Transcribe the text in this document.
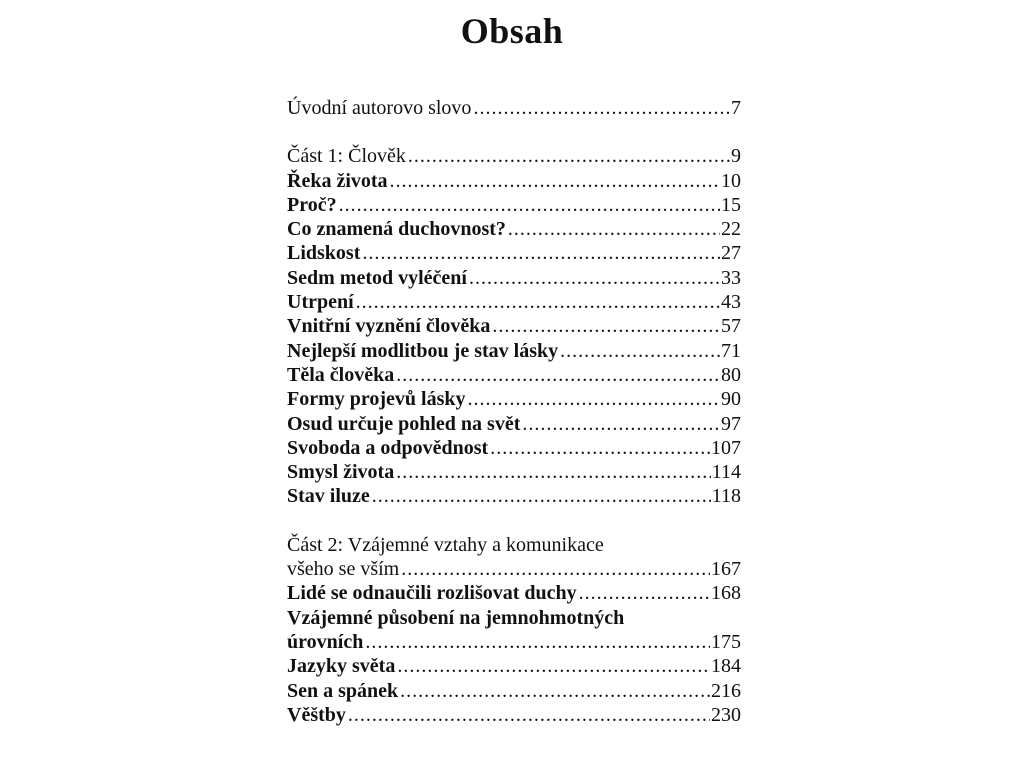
Obsah
Úvodní autorovo slovo .....	7
Část 1: Člověk .....	9
Řeka života .....	10
Proč? .....	15
Co znamená duchovnost? .....	22
Lidskost .....	27
Sedm metod vyléčení .....	33
Utrpení .....	43
Vnitřní vyznění člověka .....	57
Nejlepší modlitbou je stav lásky .....	71
Těla člověka .....	80
Formy projevů lásky .....	90
Osud určuje pohled na svět .....	97
Svoboda a odpovědnost .....	107
Smysl života .....	114
Stav iluze .....	118
Část 2: Vzájemné vztahy a komunikace
všeho se vším .....	167
Lidé se odnaučili rozlišovat duchy .....	168
Vzájemné působení na jemnohmotných
úrovních .....	175
Jazyky světa .....	184
Sen a spánek .....	216
Věštby .....	230
